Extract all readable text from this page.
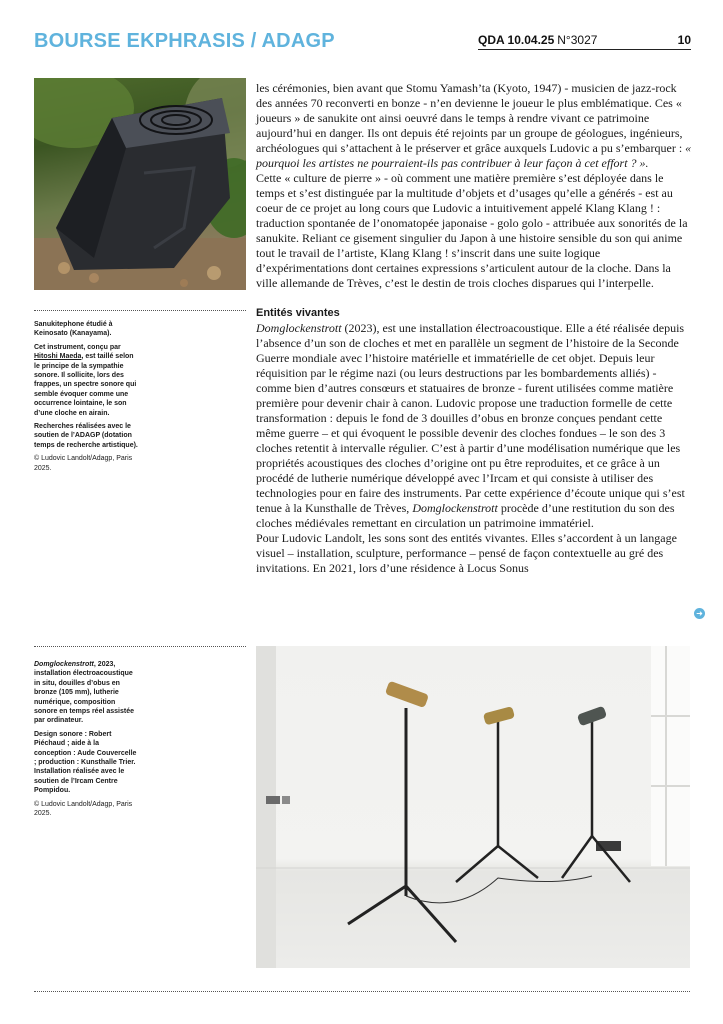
BOURSE EKPHRASIS / ADAGP	QDA 10.04.25 N°3027	10

Sanukitephone étudié à Keinosato (Kanayama).

Cet instrument, conçu par Hitoshi Maeda, est taillé selon le principe de la sympathie sonore. Il sollicite, lors des frappes, un spectre sonore qui semble évoquer comme une occurrence lointaine, le son d’une cloche en airain.

Recherches réalisées avec le soutien de l’ADAGP (dotation temps de recherche artistique).

© Ludovic Landolt/Adagp, Paris 2025.

les cérémonies, bien avant que Stomu Yamash’ta (Kyoto, 1947) - musicien de jazz-rock des années 70 reconverti en bonze - n’en devienne le joueur le plus emblématique. Ces « joueurs » de sanukite ont ainsi oeuvré dans le temps à rendre vivant ce patrimoine aujourd’hui en danger. Ils ont depuis été rejoints par un groupe de géologues, ingénieurs, archéologues qui s’attachent à le préserver et grâce auxquels Ludovic a pu s’embarquer : « pourquoi les artistes ne pourraient-ils pas contribuer à leur façon à cet effort ? ».

Cette « culture de pierre » - où comment une matière première s’est déployée dans le temps et s’est distinguée par la multitude d’objets et d’usages qu’elle a générés - est au coeur de ce projet au long cours que Ludovic a intuitivement appelé Klang Klang ! : traduction spontanée de l’onomatopée japonaise - golo golo - attribuée aux sonorités de la sanukite. Reliant ce gisement singulier du Japon à une histoire sensible du son qui anime tout le travail de l’artiste, Klang Klang ! s’inscrit dans une suite logique d’expérimentations dont certaines expressions s’articulent autour de la cloche. Dans la ville allemande de Trèves, c’est le destin de trois cloches disparues qui l’interpelle.

Entités vivantes

Domglockenstrott (2023), est une installation électroacoustique. Elle a été réalisée depuis l’absence d’un son de cloches et met en parallèle un segment de l’histoire de la Seconde Guerre mondiale avec l’histoire matérielle et immatérielle de cet objet. Depuis leur réquisition par le régime nazi (ou leurs destructions par les bombardements alliés) - comme bien d’autres consœurs et statuaires de bronze - furent utilisées comme matière première pour devenir chair à canon. Ludovic propose une traduction formelle de cette transformation : depuis le fond de 3 douilles d’obus en bronze conçues pendant cette même guerre – et qui évoquent le possible devenir des cloches fondues – le son des 3 cloches retentit à intervalle régulier. C’est à partir d’une modélisation numérique que les propriétés acoustiques des cloches d’origine ont pu être reproduites, et ce grâce à un procédé de lutherie numérique développé avec l’Ircam et qui consiste à utiliser des technologies pour en faire des instruments. Par cette expérience d’écoute unique qui s’est tenue à la Kunsthalle de Trèves, Domglockenstrott procède d’une restitution du son des cloches médiévales remettant en circulation un patrimoine immatériel.

Pour Ludovic Landolt, les sons sont des entités vivantes. Elles s’accordent à un langage visuel – installation, sculpture, performance – pensé de façon contextuelle au gré des invitations. En 2021, lors d’une résidence à Locus Sonus

➜

Domglockenstrott, 2023, installation électroacoustique in situ, douilles d’obus en bronze (105 mm), lutherie numérique, composition sonore en temps réel assistée par ordinateur.

Design sonore : Robert Piéchaud ; aide à la conception : Aude Couvercelle ; production : Kunsthalle Trier. Installation réalisée avec le soutien de l’Ircam Centre Pompidou.

© Ludovic Landolt/Adagp, Paris 2025.
